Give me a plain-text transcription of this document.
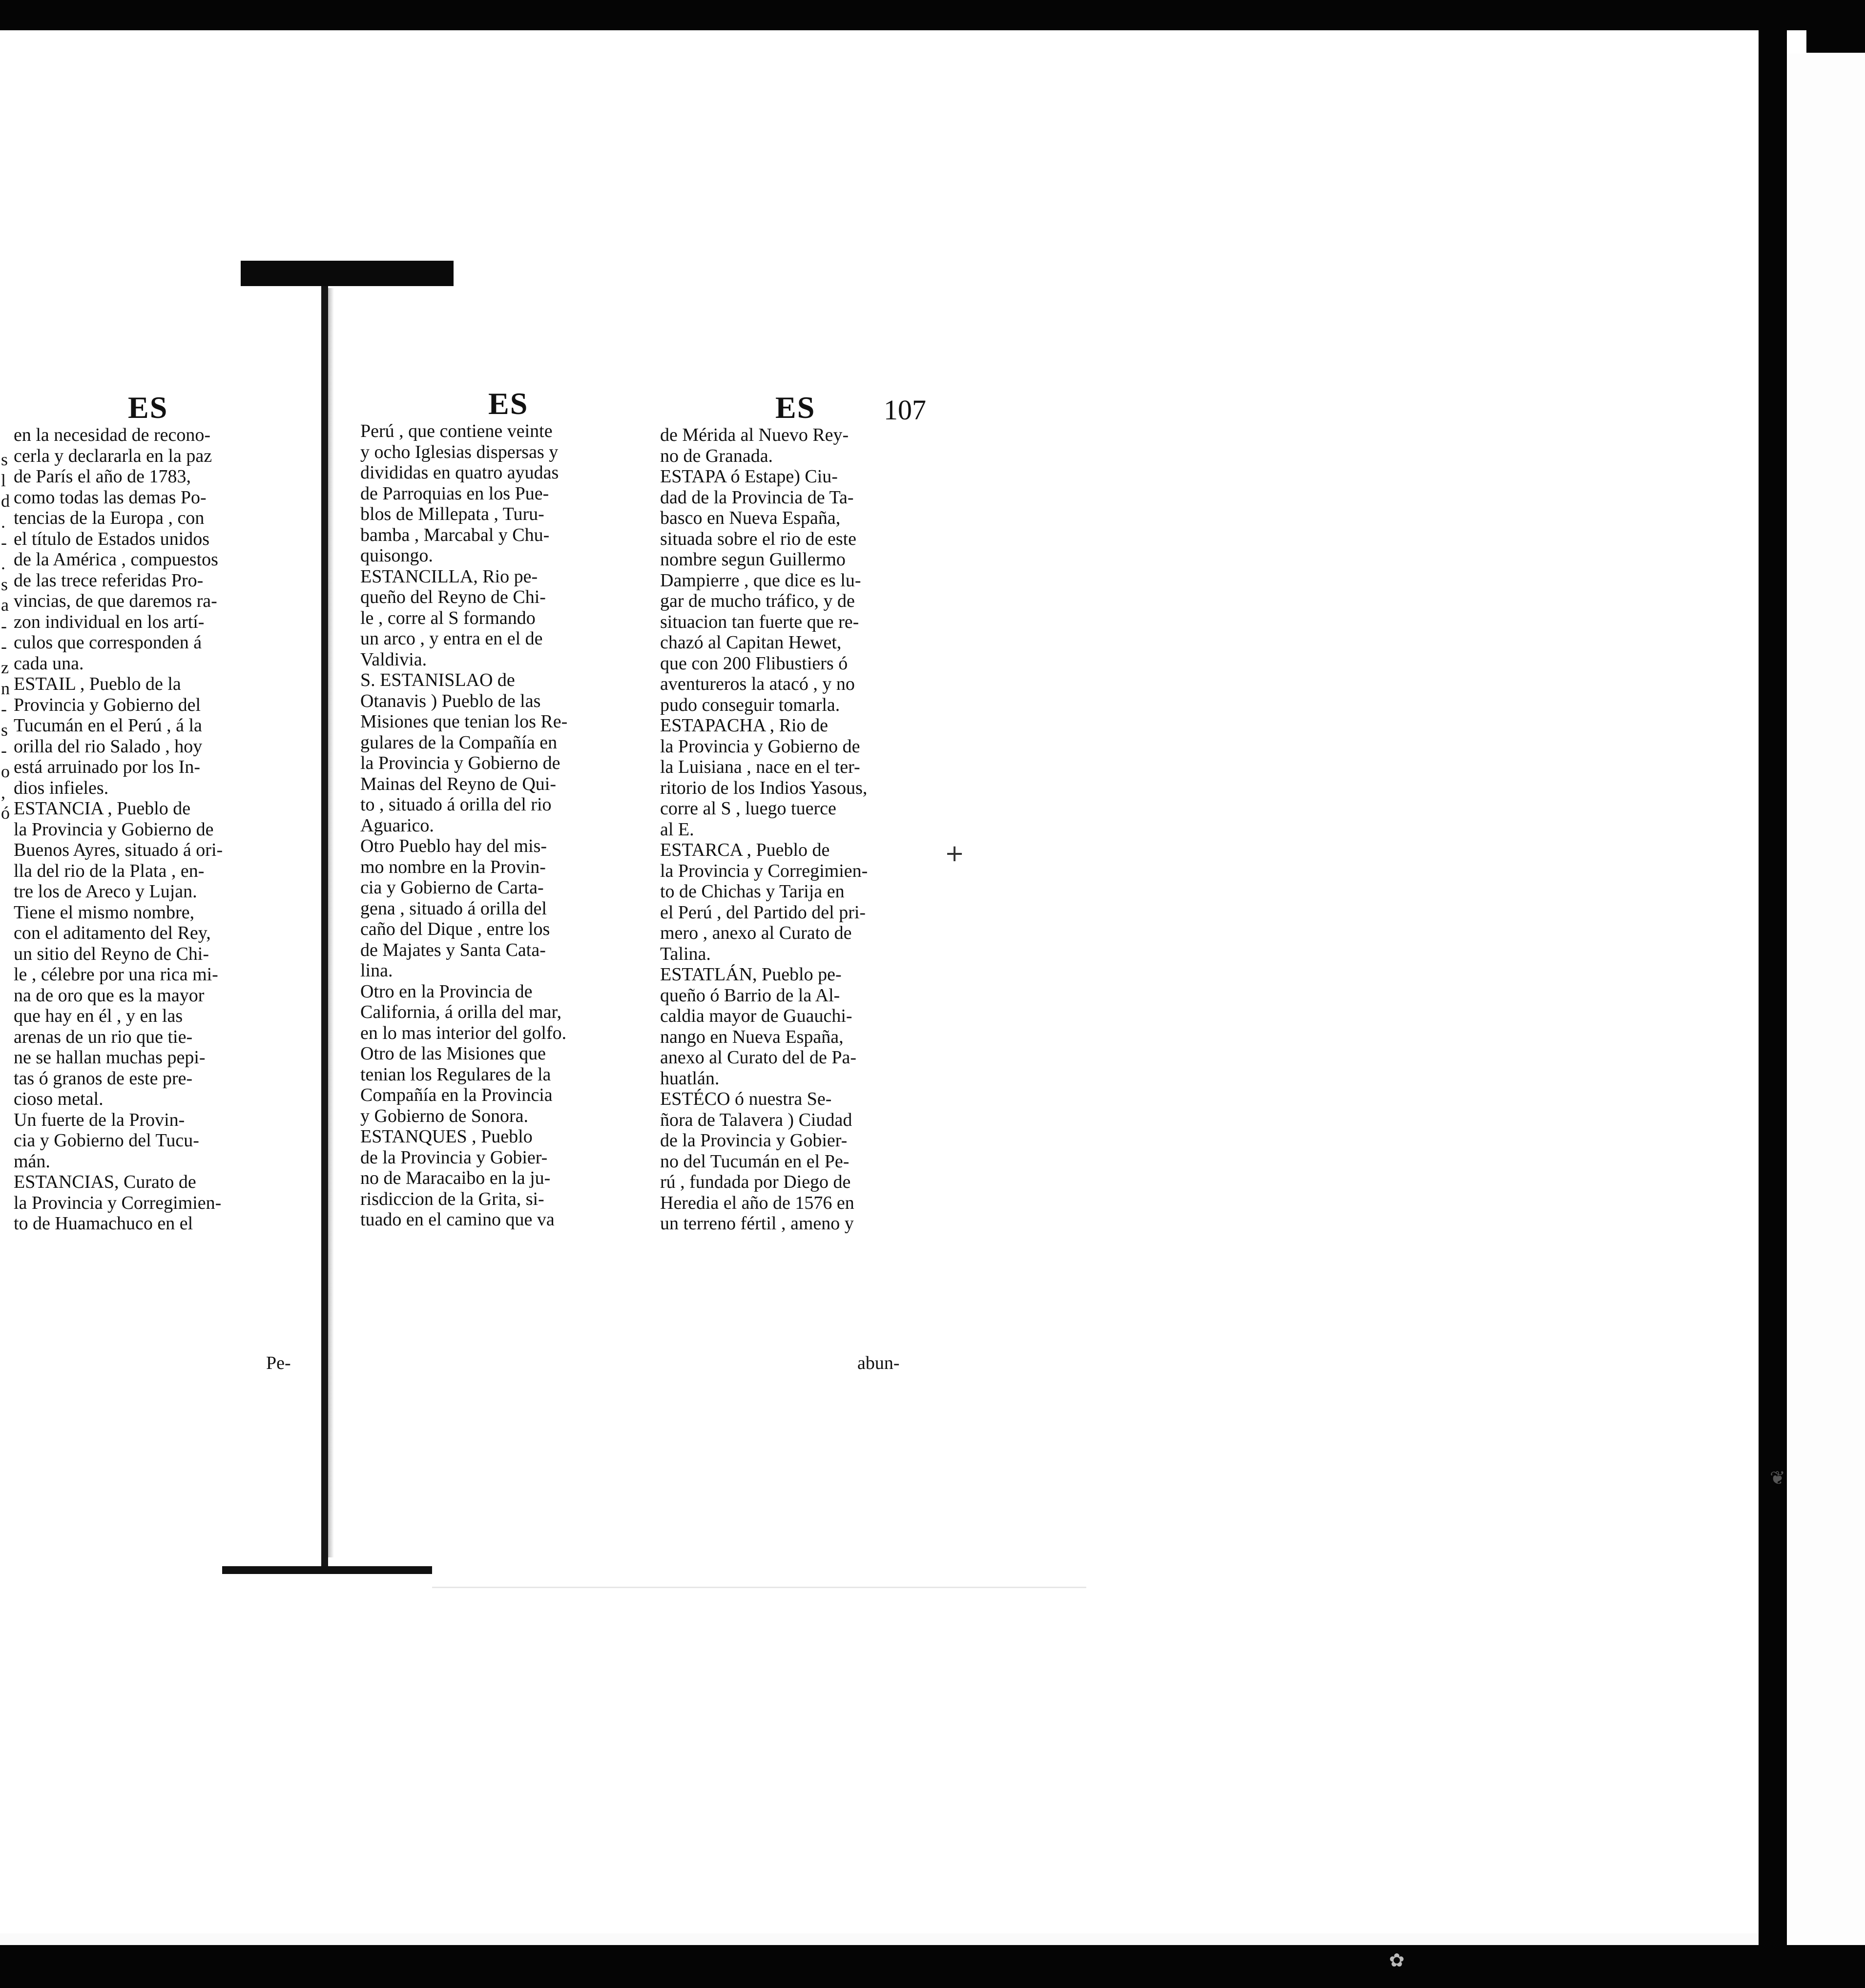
s
l
d
.
-
.
s
a
-
-
z
n
-
s
-
o
,
ó
ES	ES	ES 107

en la necesidad de recono-

cerla y declararla en la paz

de París el año de 1783,

como todas las demas Po-

tencias de la Europa , con

el título de Estados unidos

de la América , compuestos

de las trece referidas Pro-

vincias, de que daremos ra-

zon individual en los artí-

culos que corresponden á

cada una.

ESTAIL , Pueblo de la

Provincia y Gobierno del

Tucumán en el Perú , á la

orilla del rio Salado , hoy

está arruinado por los In-

dios infieles.

ESTANCIA , Pueblo de

la Provincia y Gobierno de

Buenos Ayres, situado á ori-

lla del rio de la Plata , en-

tre los de Areco y Lujan.

Tiene el mismo nombre,

con el aditamento del Rey,

un sitio del Reyno de Chi-

le , célebre por una rica mi-

na de oro que es la mayor

que hay en él , y en las

arenas de un rio que tie-

ne se hallan muchas pepi-

tas ó granos de este pre-

cioso metal.

Un fuerte de la Provin-

cia y Gobierno del Tucu-

mán.

ESTANCIAS, Curato de

la Provincia y Corregimien-

to de Huamachuco en el

Pe-

Perú , que contiene veinte

y ocho Iglesias dispersas y

divididas en quatro ayudas

de Parroquias en los Pue-

blos de Millepata , Turu-

bamba , Marcabal y Chu-

quisongo.

ESTANCILLA, Rio pe-

queño del Reyno de Chi-

le , corre al S formando

un arco , y entra en el de

Valdivia.

S. ESTANISLAO de

Otanavis ) Pueblo de las

Misiones que tenian los Re-

gulares de la Compañía en

la Provincia y Gobierno de

Mainas del Reyno de Qui-

to , situado á orilla del rio

Aguarico.

Otro Pueblo hay del mis-

mo nombre en la Provin-

cia y Gobierno de Carta-

gena , situado á orilla del

caño del Dique , entre los

de Majates y Santa Cata-

lina.

Otro en la Provincia de

California, á orilla del mar,

en lo mas interior del golfo.

Otro de las Misiones que

tenian los Regulares de la

Compañía en la Provincia

y Gobierno de Sonora.

ESTANQUES , Pueblo

de la Provincia y Gobier-

no de Maracaibo en la ju-

risdiccion de la Grita, si-

tuado en el camino que va

de Mérida al Nuevo Rey-

no de Granada.

ESTAPA ó Estape) Ciu-

dad de la Provincia de Ta-

basco en Nueva España,

situada sobre el rio de este

nombre segun Guillermo

Dampierre , que dice es lu-

gar de mucho tráfico, y de

situacion tan fuerte que re-

chazó al Capitan Hewet,

que con 200 Flibustiers ó

aventureros la atacó , y no

pudo conseguir tomarla.

ESTAPACHA , Rio de

la Provincia y Gobierno de

la Luisiana , nace en el ter-

ritorio de los Indios Yasous,

corre al S , luego tuerce

al E.

ESTARCA , Pueblo de

la Provincia y Corregimien-

to de Chichas y Tarija en

el Perú , del Partido del pri-

mero , anexo al Curato de

Talina.

ESTATLÁN, Pueblo pe-

queño ó Barrio de la Al-

caldia mayor de Guauchi-

nango en Nueva España,

anexo al Curato del de Pa-

huatlán.

ESTÉCO ó nuestra Se-

ñora de Talavera ) Ciudad

de la Provincia y Gobier-

no del Tucumán en el Pe-

rú , fundada por Diego de

Heredia el año de 1576 en

un terreno fértil , ameno y

abun-
+
❦
✿
